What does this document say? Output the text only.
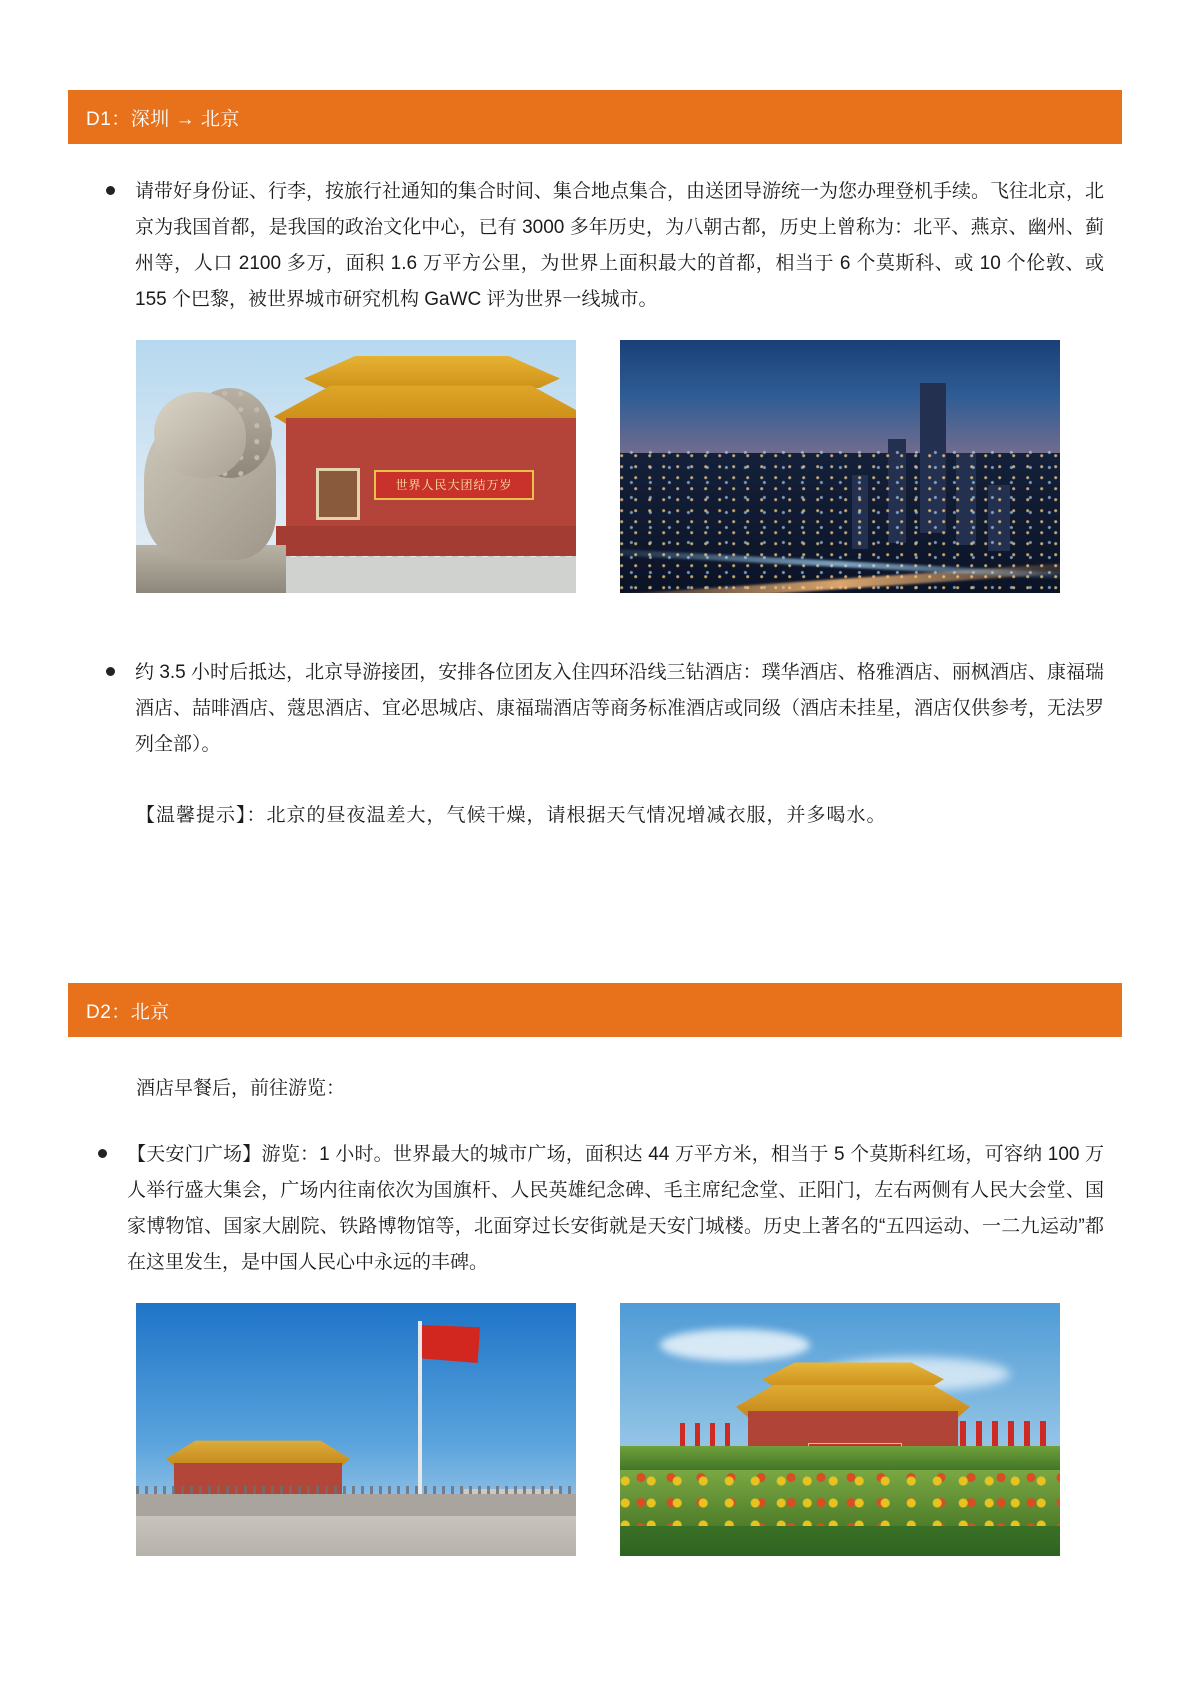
D1：深圳 → 北京
请带好身份证、行李，按旅行社通知的集合时间、集合地点集合，由送团导游统一为您办理登机手续。飞往北京，北京为我国首都，是我国的政治文化中心，已有 3000 多年历史，为八朝古都，历史上曾称为：北平、燕京、幽州、蓟州等，人口 2100 多万，面积 1.6 万平方公里，为世界上面积最大的首都，相当于 6 个莫斯科、或 10 个伦敦、或 155 个巴黎，被世界城市研究机构 GaWC 评为世界一线城市。
世界人民大团结万岁
约 3.5 小时后抵达，北京导游接团，安排各位团友入住四环沿线三钻酒店：璞华酒店、格雅酒店、丽枫酒店、康福瑞酒店、喆啡酒店、蔻思酒店、宜必思城店、康福瑞酒店等商务标准酒店或同级（酒店未挂星，酒店仅供参考，无法罗列全部）。
【温馨提示】：北京的昼夜温差大，气候干燥，请根据天气情况增减衣服，并多喝水。
D2：北京
酒店早餐后，前往游览：
【天安门广场】游览：1 小时。世界最大的城市广场，面积达 44 万平方米，相当于 5 个莫斯科红场，可容纳 100 万人举行盛大集会，广场内往南依次为国旗杆、人民英雄纪念碑、毛主席纪念堂、正阳门，左右两侧有人民大会堂、国家博物馆、国家大剧院、铁路博物馆等，北面穿过长安街就是天安门城楼。历史上著名的“五四运动、一二九运动”都在这里发生，是中国人民心中永远的丰碑。
